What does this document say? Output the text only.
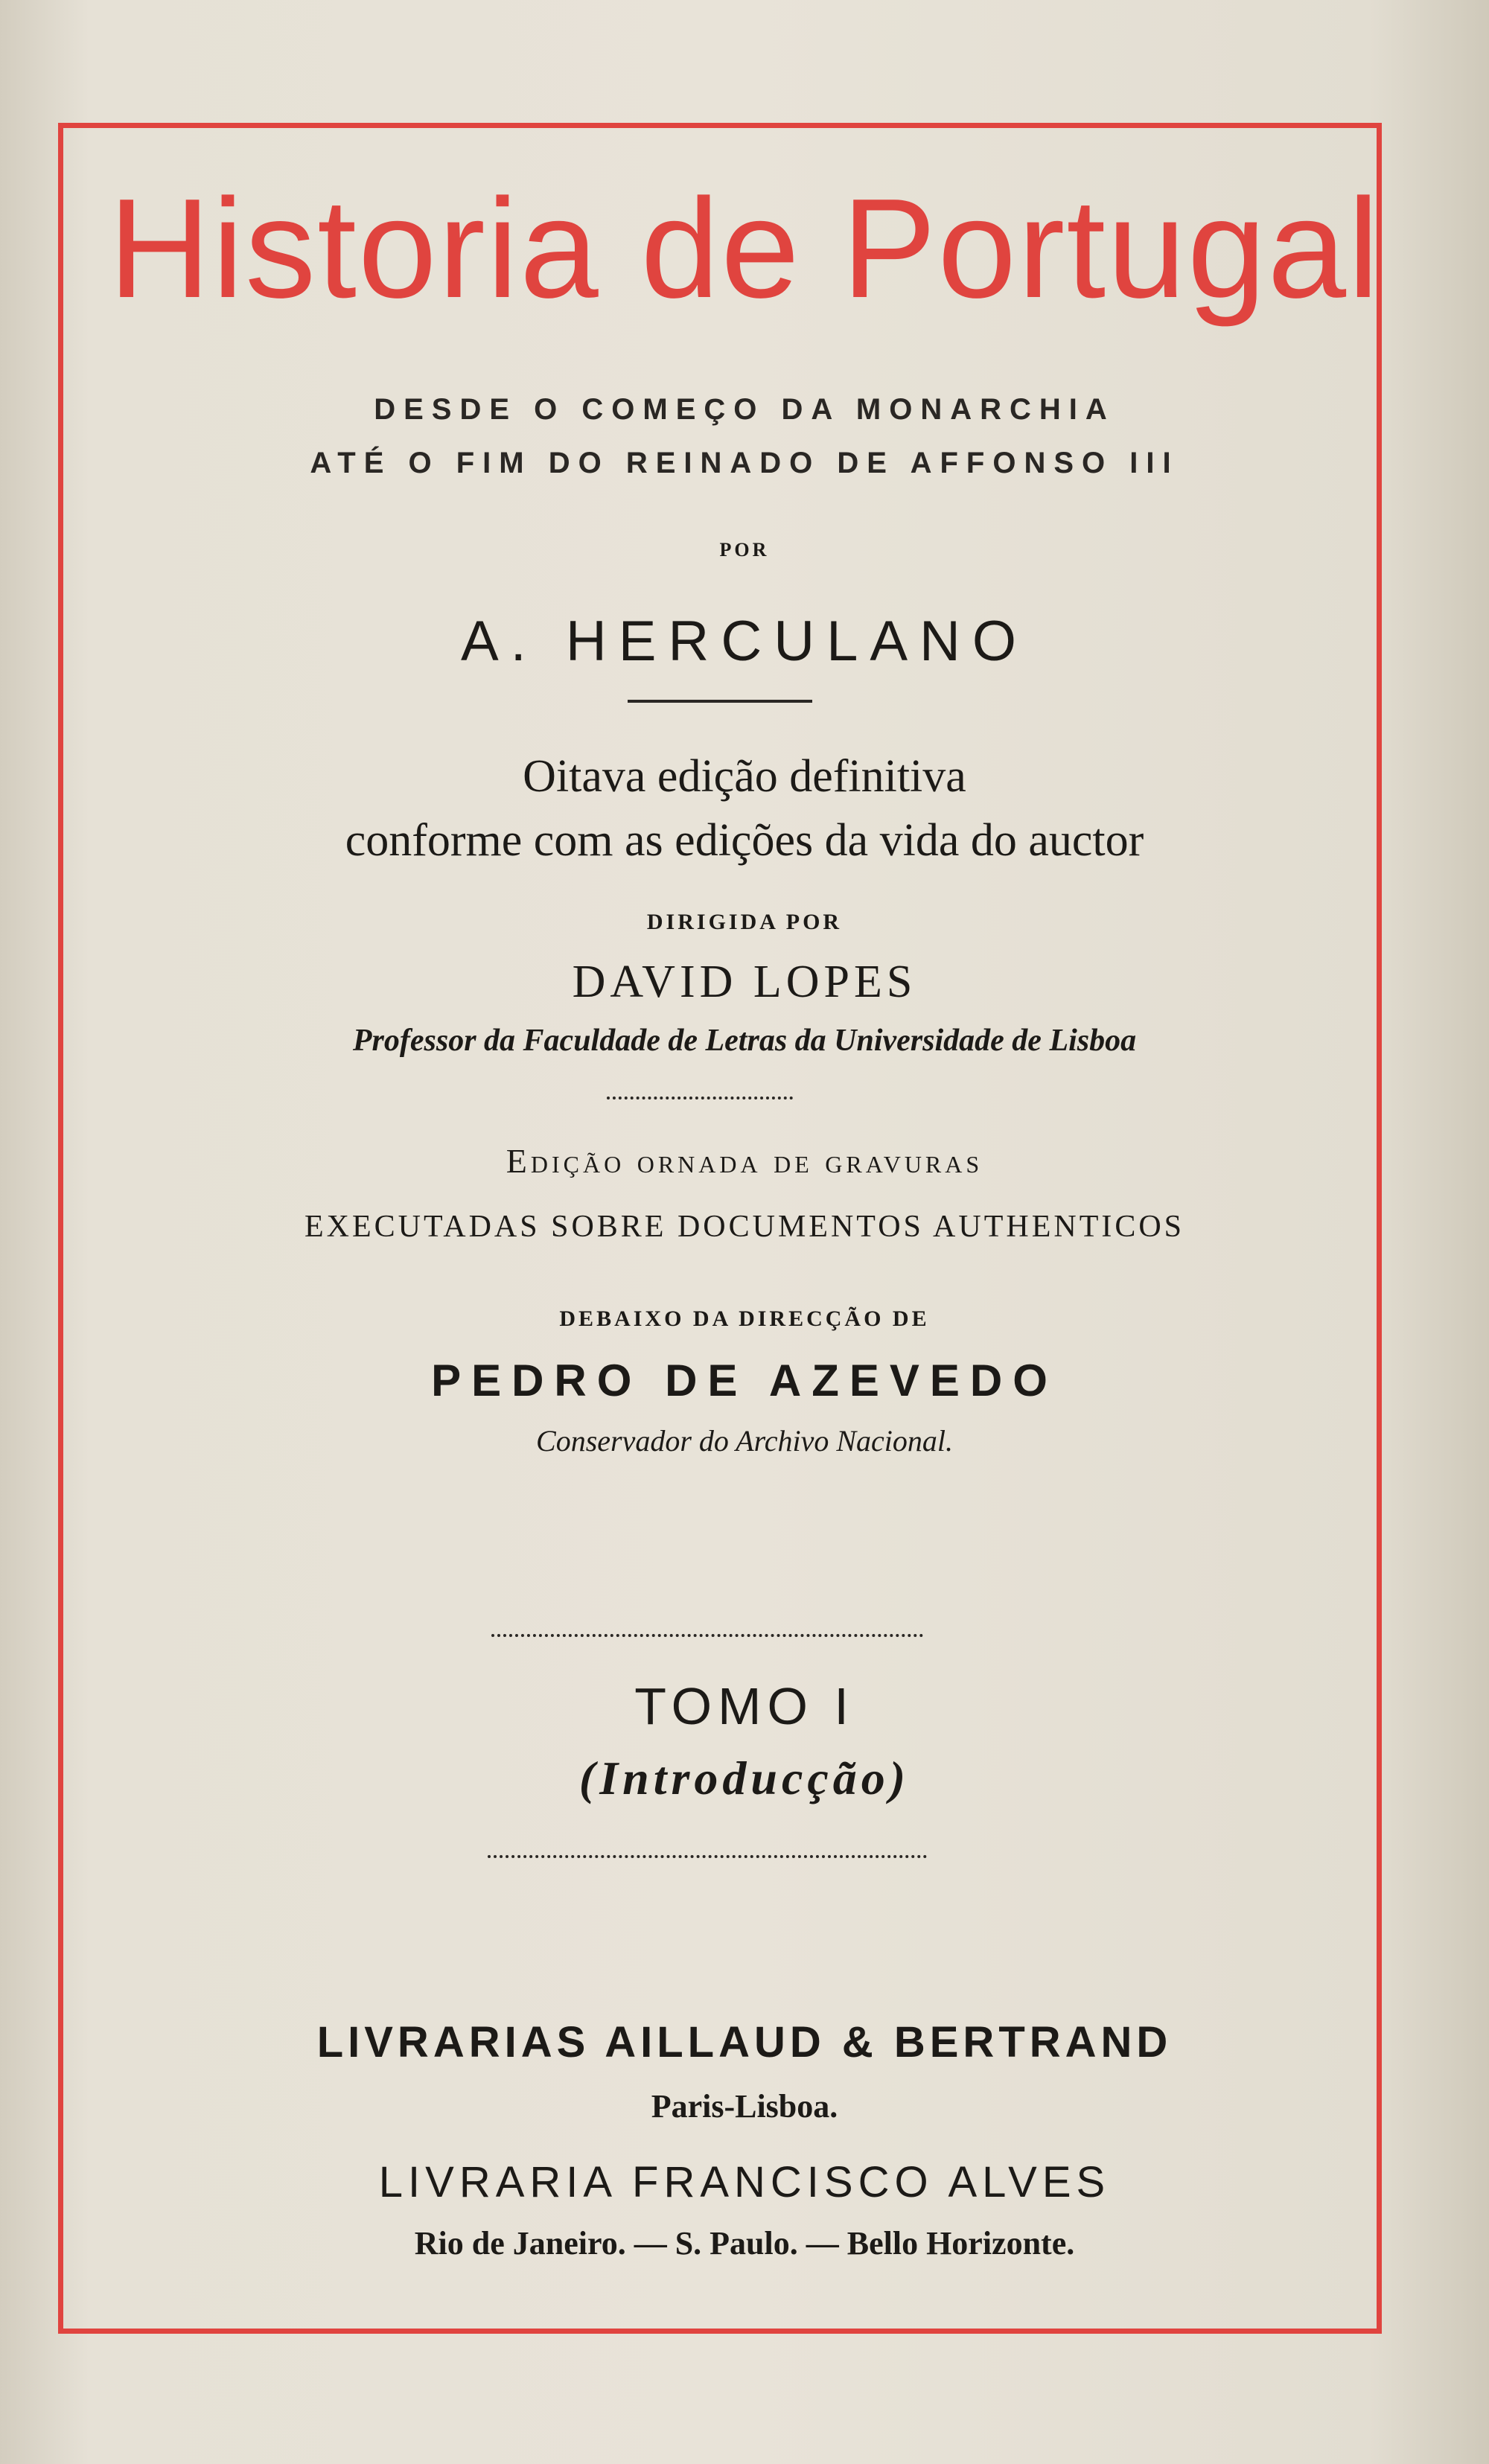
Historia de Portugal

DESDE O COMEÇO DA MONARCHIA

ATÉ O FIM DO REINADO DE AFFONSO III

POR

A. HERCULANO

Oitava edição definitiva

conforme com as edições da vida do auctor

DIRIGIDA POR

DAVID LOPES

Professor da Faculdade de Letras da Universidade de Lisboa

Edição ornada de gravuras

EXECUTADAS SOBRE DOCUMENTOS AUTHENTICOS

DEBAIXO DA DIRECÇÃO DE

PEDRO DE AZEVEDO

Conservador do Archivo Nacional.

TOMO I

(Introducção)

LIVRARIAS AILLAUD & BERTRAND

Paris-Lisboa.

LIVRARIA FRANCISCO ALVES

Rio de Janeiro. — S. Paulo. — Bello Horizonte.
